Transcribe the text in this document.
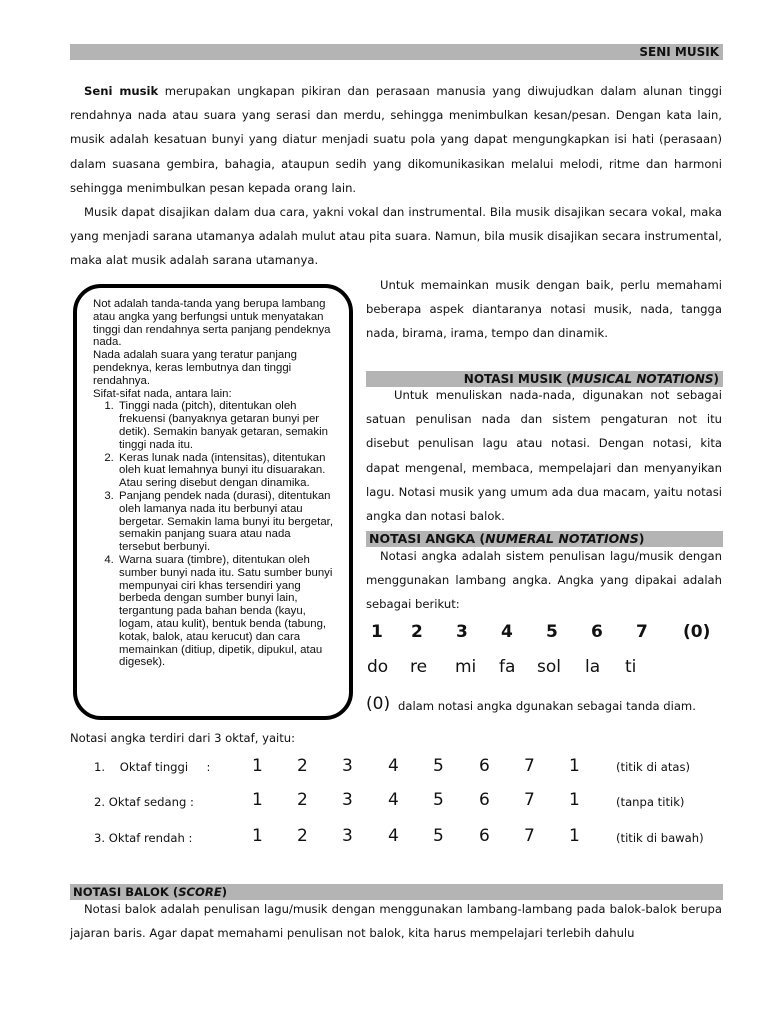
SENI MUSIK

Seni musik merupakan ungkapan pikiran dan perasaan manusia yang diwujudkan dalam alunan tinggi rendahnya nada atau suara yang serasi dan merdu, sehingga menimbulkan kesan/pesan. Dengan kata lain, musik adalah kesatuan bunyi yang diatur menjadi suatu pola yang dapat mengungkapkan isi hati (perasaan) dalam suasana gembira, bahagia, ataupun sedih yang dikomunikasikan melalui melodi, ritme dan harmoni sehingga menimbulkan pesan kepada orang lain.

Musik dapat disajikan dalam dua cara, yakni vokal dan instrumental. Bila musik disajikan secara vokal, maka yang menjadi sarana utamanya adalah mulut atau pita suara. Namun, bila musik disajikan secara instrumental, maka alat musik adalah sarana utamanya.

Untuk memainkan musik dengan baik, perlu memahami beberapa aspek diantaranya notasi musik, nada, tangga nada, birama, irama, tempo dan dinamik.

Not adalah tanda-tanda yang berupa lambang atau angka yang berfungsi untuk menyatakan tinggi dan rendahnya serta panjang pendeknya nada.

Nada adalah suara yang teratur panjang pendeknya, keras lembutnya dan tinggi rendahnya.

Sifat-sifat nada, antara lain:

1. Tinggi nada (pitch), ditentukan oleh frekuensi (banyaknya getaran bunyi per detik). Semakin banyak getaran, semakin tinggi nada itu.
2. Keras lunak nada (intensitas), ditentukan oleh kuat lemahnya bunyi itu disuarakan. Atau sering disebut dengan dinamika.
3. Panjang pendek nada (durasi), ditentukan oleh lamanya nada itu berbunyi atau bergetar. Semakin lama bunyi itu bergetar, semakin panjang suara atau nada tersebut berbunyi.
4. Warna suara (timbre), ditentukan oleh sumber bunyi nada itu. Satu sumber bunyi mempunyai ciri khas tersendiri yang berbeda dengan sumber bunyi lain, tergantung pada bahan benda (kayu, logam, atau kulit), bentuk benda (tabung, kotak, balok, atau kerucut) dan cara memainkan (ditiup, dipetik, dipukul, atau digesek).
NOTASI MUSIK (MUSICAL NOTATIONS)

Untuk menuliskan nada-nada, digunakan not sebagai satuan penulisan nada dan sistem pengaturan not itu disebut penulisan lagu atau notasi. Dengan notasi, kita dapat mengenal, membaca, mempelajari dan menyanyikan lagu. Notasi musik yang umum ada dua macam, yaitu notasi angka dan notasi balok.

NOTASI ANGKA (NUMERAL NOTATIONS)

Notasi angka adalah sistem penulisan lagu/musik dengan menggunakan lambang angka. Angka yang dipakai adalah sebagai berikut:

1 2 3 4 5 6 7 (0)
do re mi fa sol la ti
(0) dalam notasi angka dgunakan sebagai tanda diam.
Notasi angka terdiri dari 3 oktaf, yaitu:
1.    Oktaf tinggi     : 1 2 3 4 5 6 7 1	(titik di atas)
2. Oktaf sedang :	1 2 3 4 5 6 7 1	(tanpa titik)
3. Oktaf rendah :	1 2 3 4 5 6 7 1	(titik di bawah)
NOTASI BALOK (SCORE)

Notasi balok adalah penulisan lagu/musik dengan menggunakan lambang-lambang pada balok-balok berupa jajaran baris. Agar dapat memahami penulisan not balok, kita harus mempelajari terlebih dahulu
